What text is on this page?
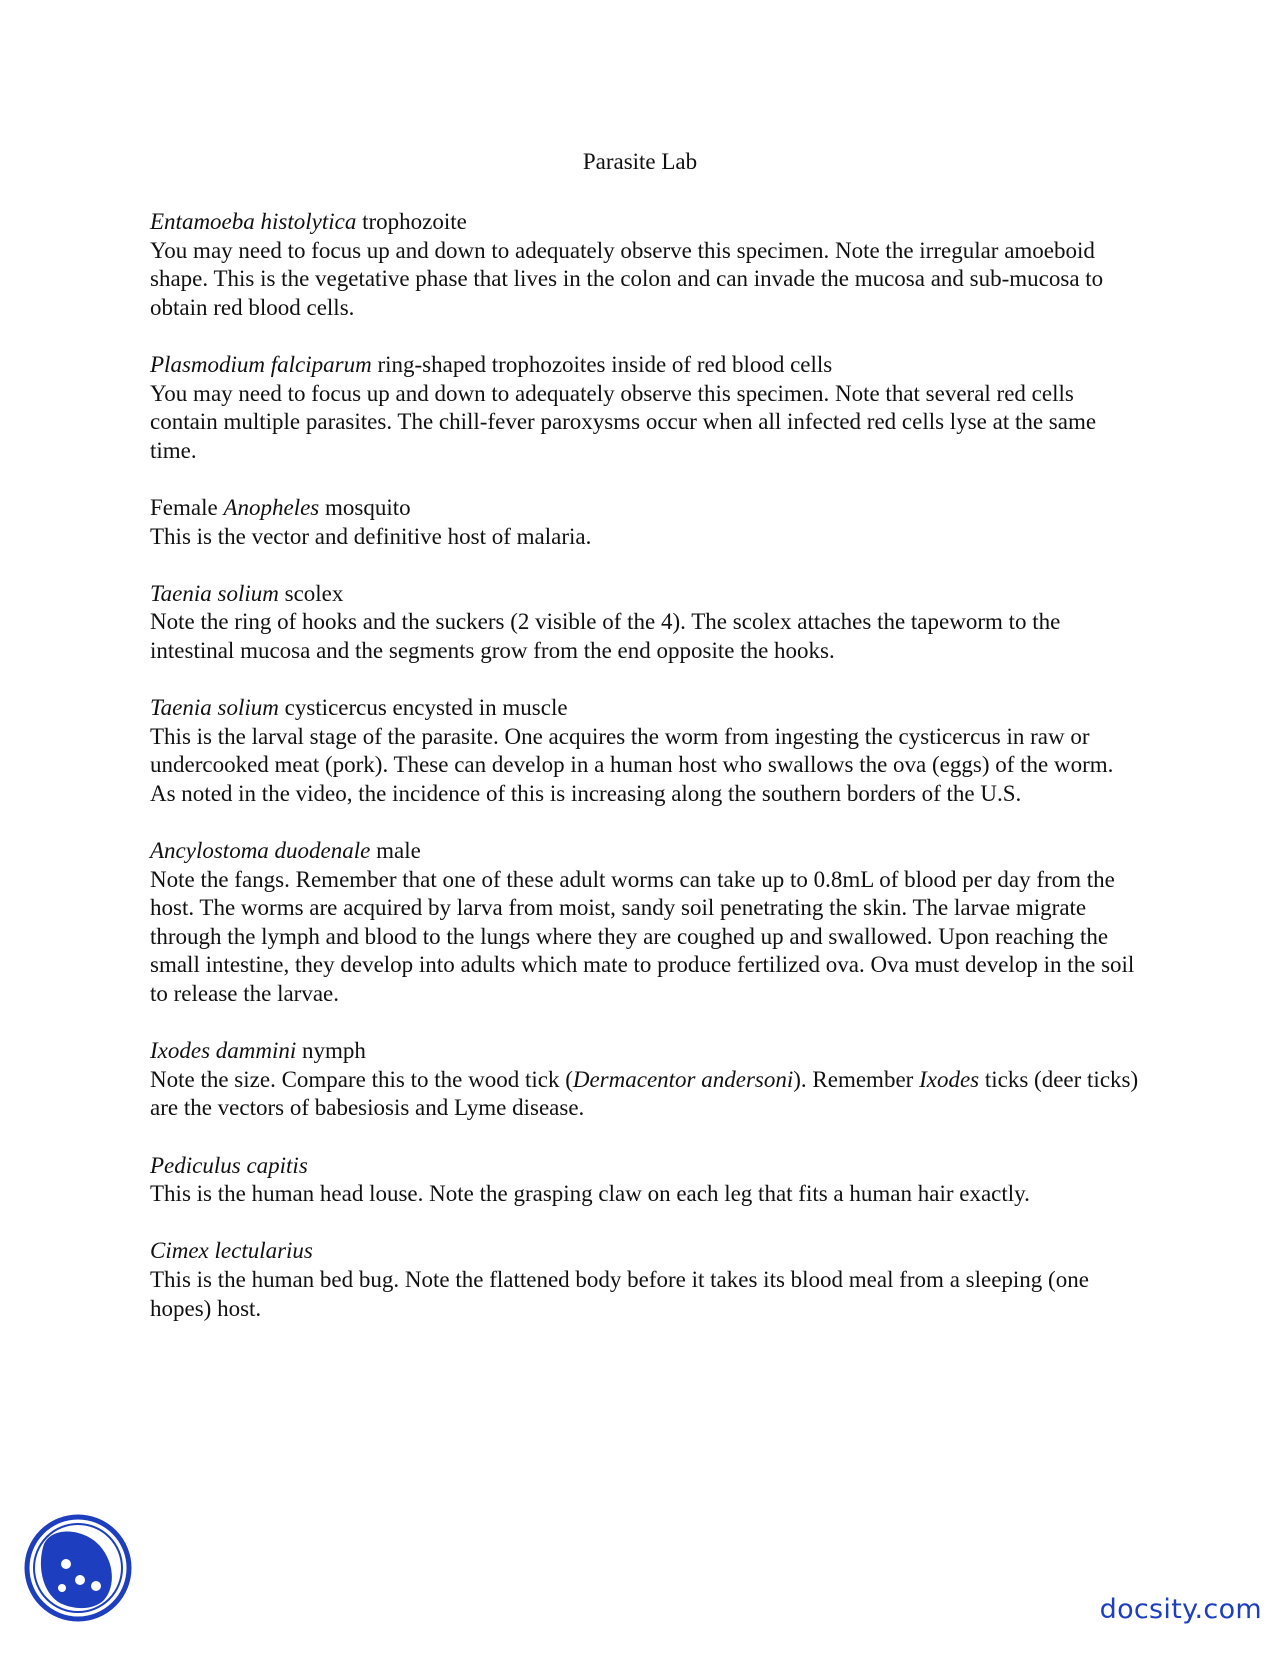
Parasite Lab

Entamoeba histolytica trophozoite

You may need to focus up and down to adequately observe this specimen. Note the irregular amoeboid shape. This is the vegetative phase that lives in the colon and can invade the mucosa and sub-mucosa to obtain red blood cells.

Plasmodium falciparum ring-shaped trophozoites inside of red blood cells

You may need to focus up and down to adequately observe this specimen. Note that several red cells contain multiple parasites. The chill-fever paroxysms occur when all infected red cells lyse at the same time.

Female Anopheles mosquito

This is the vector and definitive host of malaria.

Taenia solium scolex

Note the ring of hooks and the suckers (2 visible of the 4). The scolex attaches the tapeworm to the intestinal mucosa and the segments grow from the end opposite the hooks.

Taenia solium cysticercus encysted in muscle

This is the larval stage of the parasite. One acquires the worm from ingesting the cysticercus in raw or undercooked meat (pork). These can develop in a human host who swallows the ova (eggs) of the worm. As noted in the video, the incidence of this is increasing along the southern borders of the U.S.

Ancylostoma duodenale male

Note the fangs. Remember that one of these adult worms can take up to 0.8mL of blood per day from the host. The worms are acquired by larva from moist, sandy soil penetrating the skin. The larvae migrate through the lymph and blood to the lungs where they are coughed up and swallowed. Upon reaching the small intestine, they develop into adults which mate to produce fertilized ova. Ova must develop in the soil to release the larvae.

Ixodes dammini nymph

Note the size. Compare this to the wood tick (Dermacentor andersoni). Remember Ixodes ticks (deer ticks) are the vectors of babesiosis and Lyme disease.

Pediculus capitis

This is the human head louse. Note the grasping claw on each leg that fits a human hair exactly.

Cimex lectularius

This is the human bed bug. Note the flattened body before it takes its blood meal from a sleeping (one hopes) host.

docsity.com
